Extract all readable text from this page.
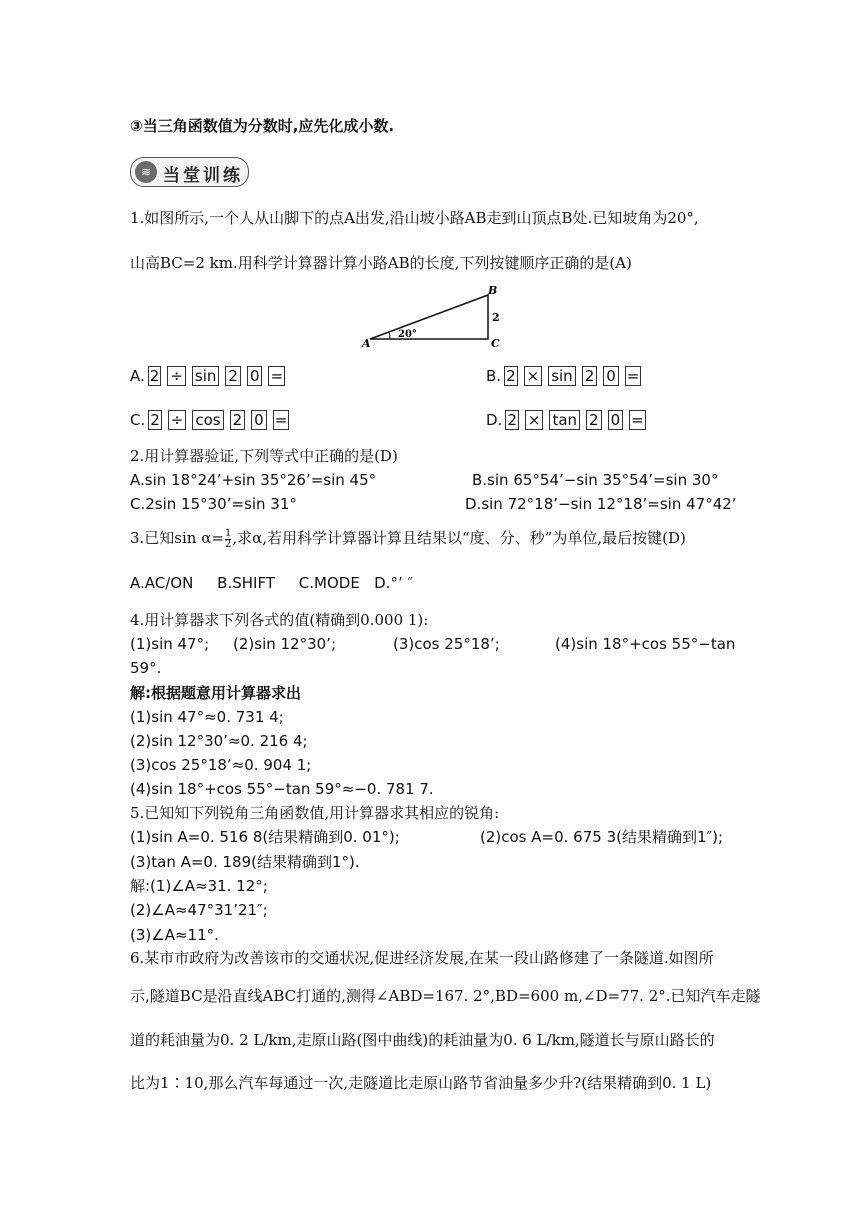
③当三角函数值为分数时,应先化成小数.
≋ 当堂训练
1.如图所示,一个人从山脚下的点A出发,沿山坡小路AB走到山顶点B处.已知坡角为20°,
山高BC=2 km.用科学计算器计算小路AB的长度,下列按键顺序正确的是(A)
B
C
A
2
20°
A. 2 ÷ sin 2 0 =	B. 2 × sin 2 0 =
C. 2 ÷ cos 2 0 =	D. 2 × tan 2 0 =
2.用计算器验证,下列等式中正确的是(D)
A.sin 18°24’+sin 35°26’=sin 45°	B.sin 65°54’−sin 35°54’=sin 30°
C.2sin 15°30’=sin 31°	D.sin 72°18’−sin 12°18’=sin 47°42’
3.已知$\sin \alpha= \frac{1}{2}$ ,求α,若用科学计算器计算且结果以“度、分、秒”为单位,最后按键(D)
A.AC/ON     B.SHIFT     C.MODE   D.°’ ″
4.用计算器求下列各式的值(精确到0.000 1):
(1)sin 47°; (2)sin 12°30’;	(3)cos 25°18’;	(4)sin 18°+cos 55°−tan
59°.
解:根据题意用计算器求出
(1)sin 47°≈0. 731 4;
(2)sin 12°30’≈0. 216 4;
(3)cos 25°18’≈0. 904 1;
(4)sin 18°+cos 55°−tan 59°≈−0. 781 7.
5.已知知下列锐角三角函数值,用计算器求其相应的锐角:
(1)sin A=0. 516 8(结果精确到0. 01°);	(2)cos A=0. 675 3(结果精确到1″);
(3)tan A=0. 189(结果精确到1°).
解:(1)∠A≈31. 12°;
(2)∠A≈47°31’21″;
(3)∠A≈11°.
6.某市市政府为改善该市的交通状况,促进经济发展,在某一段山路修建了一条隧道.如图所
示,隧道BC是沿直线ABC打通的,测得∠ABD=167. 2°,BD=600 m,∠D=77. 2°.已知汽车走隧
道的耗油量为0. 2 L/km,走原山路(图中曲线)的耗油量为0. 6 L/km,隧道长与原山路长的
比为1∶10,那么汽车每通过一次,走隧道比走原山路节省油量多少升?(结果精确到0. 1 L)
